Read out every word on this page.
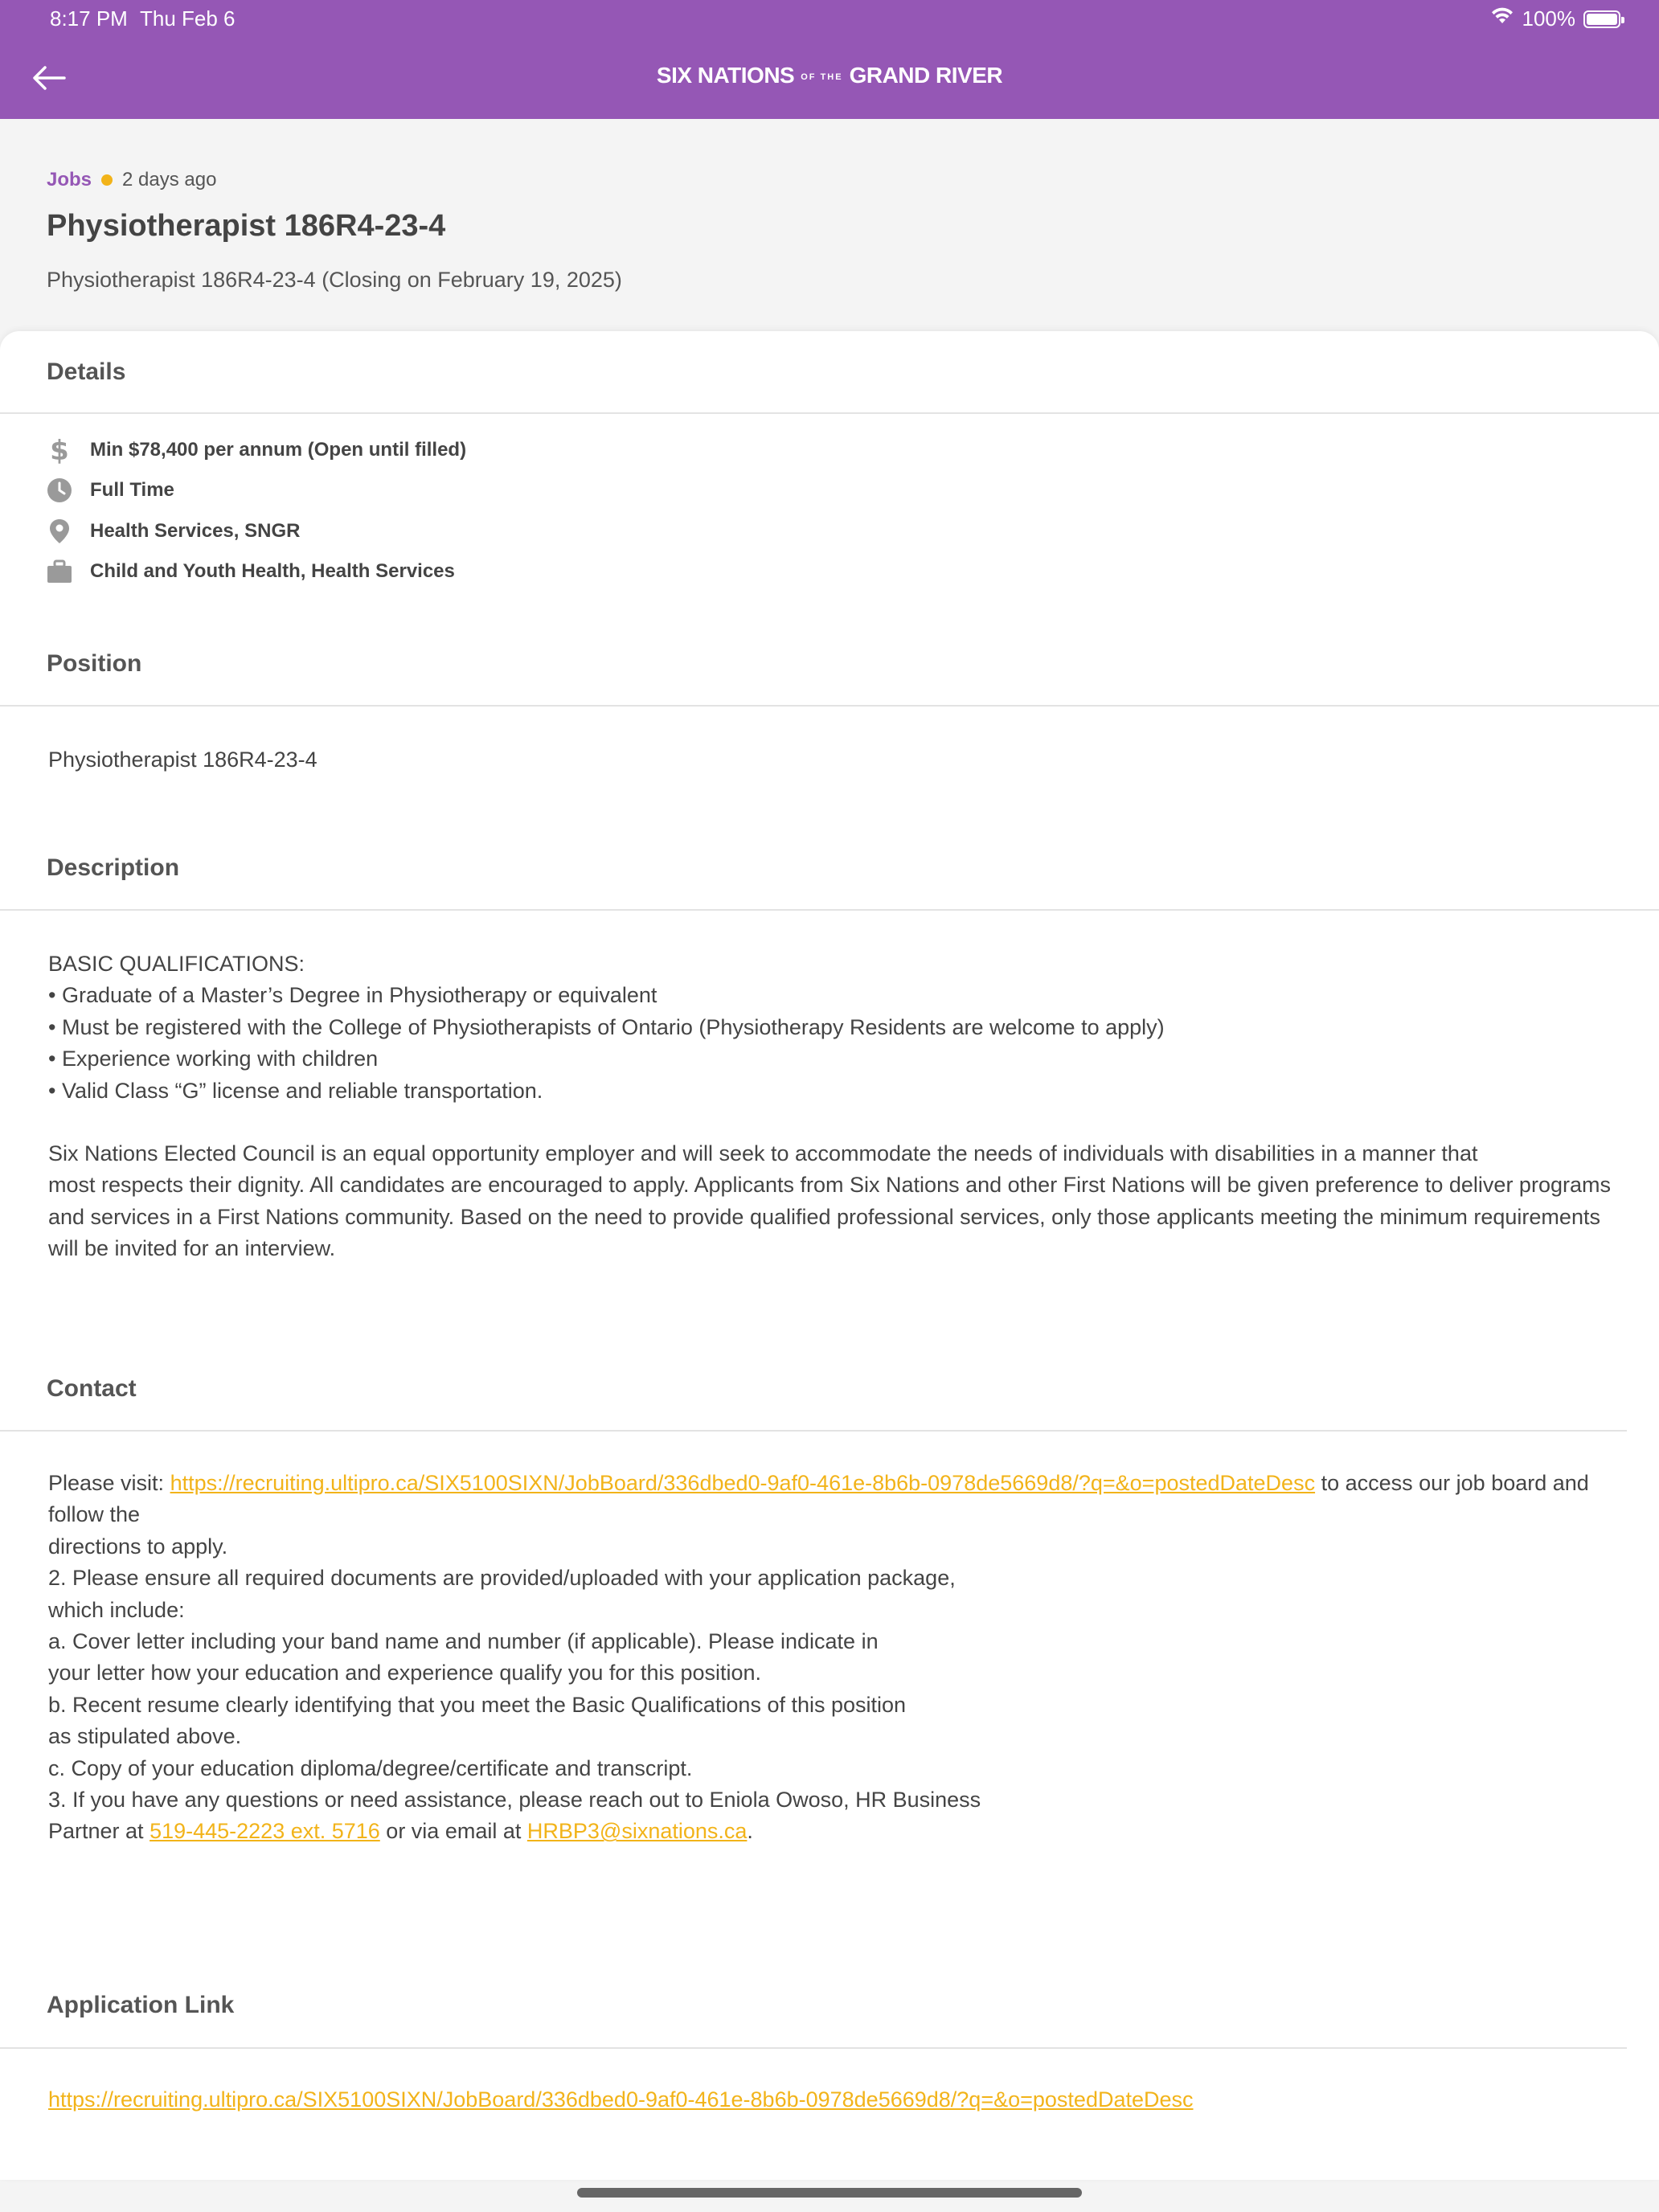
8:17 PM Thu Feb 6	100%
SIX NATIONS OF THE GRAND RIVER
Jobs 2 days ago
Physiotherapist 186R4-23-4
Physiotherapist 186R4-23-4 (Closing on February 19, 2025)
Details
$ Min $78,400 per annum (Open until filled)
Full Time
Health Services, SNGR
Child and Youth Health, Health Services
Position
Physiotherapist 186R4-23-4
Description
BASIC QUALIFICATIONS:
• Graduate of a Master’s Degree in Physiotherapy or equivalent
• Must be registered with the College of Physiotherapists of Ontario (Physiotherapy Residents are welcome to apply)
• Experience working with children
• Valid Class “G” license and reliable transportation.
Six Nations Elected Council is an equal opportunity employer and will seek to accommodate the needs of individuals with disabilities in a manner that
most respects their dignity. All candidates are encouraged to apply. Applicants from Six Nations and other First Nations will be given preference to deliver programs and services in a First Nations community. Based on the need to provide qualified professional services, only those applicants meeting the minimum requirements will be invited for an interview.
Contact
Please visit: https://recruiting.ultipro.ca/SIX5100SIXN/JobBoard/336dbed0-9af0-461e-8b6b-0978de5669d8/?q=&o=postedDateDesc to access our job board and follow the
directions to apply.
2. Please ensure all required documents are provided/uploaded with your application package,
which include:
a. Cover letter including your band name and number (if applicable). Please indicate in
your letter how your education and experience qualify you for this position.
b. Recent resume clearly identifying that you meet the Basic Qualifications of this position
as stipulated above.
c. Copy of your education diploma/degree/certificate and transcript.
3. If you have any questions or need assistance, please reach out to Eniola Owoso, HR Business
Partner at 519-445-2223 ext. 5716 or via email at HRBP3@sixnations.ca.
Application Link
https://recruiting.ultipro.ca/SIX5100SIXN/JobBoard/336dbed0-9af0-461e-8b6b-0978de5669d8/?q=&o=postedDateDesc
